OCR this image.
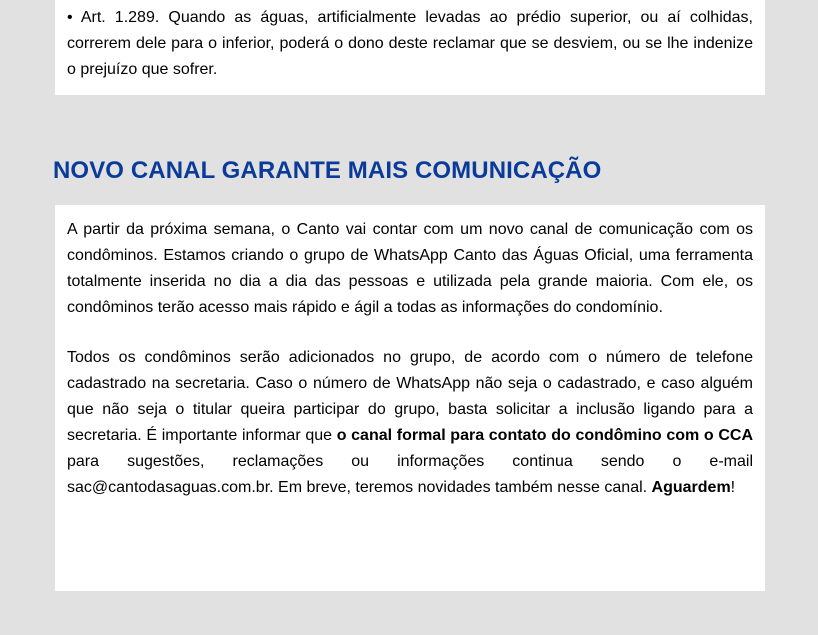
• Art. 1.289. Quando as águas, artificialmente levadas ao prédio superior, ou aí colhidas, correrem dele para o inferior, poderá o dono deste reclamar que se desviem, ou se lhe indenize o prejuízo que sofrer.

NOVO CANAL GARANTE MAIS COMUNICAÇÃO

A partir da próxima semana, o Canto vai contar com um novo canal de comunicação com os condôminos. Estamos criando o grupo de WhatsApp Canto das Águas Oficial, uma ferramenta totalmente inserida no dia a dia das pessoas e utilizada pela grande maioria. Com ele, os condôminos terão acesso mais rápido e ágil a todas as informações do condomínio.

Todos os condôminos serão adicionados no grupo, de acordo com o número de telefone cadastrado na secretaria. Caso o número de WhatsApp não seja o cadastrado, e caso alguém que não seja o titular queira participar do grupo, basta solicitar a inclusão ligando para a secretaria. É importante informar que o canal formal para contato do condômino com o CCA para sugestões, reclamações ou informações continua sendo o e-mail sac@cantodasaguas.com.br. Em breve, teremos novidades também nesse canal. Aguardem!
